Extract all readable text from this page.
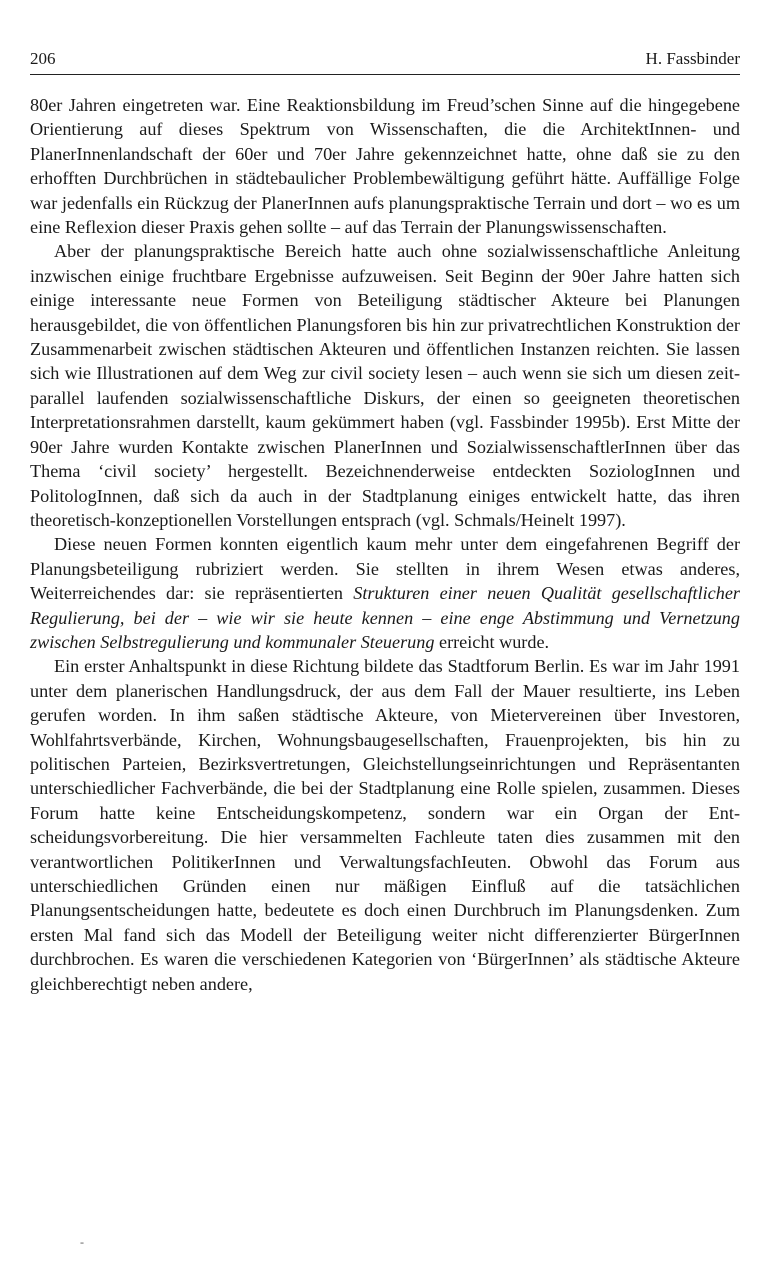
206	H. Fassbinder

80er Jahren eingetreten war. Eine Reaktionsbildung im Freud’schen Sinne auf die hingegebene Orientierung auf dieses Spektrum von Wissenschaften, die die ArchitektInnen- und PlanerInnenlandschaft der 60er und 70er Jahre gekennzeichnet hatte, ohne daß sie zu den erhofften Durchbrüchen in städtebaulicher Problembewältigung geführt hätte. Auffällige Folge war jedenfalls ein Rückzug der PlanerInnen aufs planungspraktische Terrain und dort – wo es um eine Reflexion dieser Praxis gehen sollte – auf das Terrain der Planungswissenschaften.

Aber der planungspraktische Bereich hatte auch ohne sozialwissenschaftliche Anleitung inzwischen einige fruchtbare Ergebnisse aufzuweisen. Seit Beginn der 90er Jahre hatten sich einige interessante neue Formen von Beteiligung städtischer Akteure bei Planungen herausgebildet, die von öffentlichen Planungsforen bis hin zur privatrechtlichen Konstruktion der Zusammenarbeit zwischen städtischen Akteuren und öffentlichen Instanzen reichten. Sie lassen sich wie Illustrationen auf dem Weg zur civil society lesen – auch wenn sie sich um diesen zeitparallel laufenden sozialwissenschaftliche Diskurs, der einen so geeigneten theoretischen Interpretationsrahmen darstellt, kaum gekümmert haben (vgl. Fassbinder 1995b). Erst Mitte der 90er Jahre wurden Kontakte zwischen PlanerInnen und SozialwissenschaftlerInnen über das Thema ‘civil society’ hergestellt. Bezeichnenderweise entdeckten SoziologInnen und PolitologInnen, daß sich da auch in der Stadtplanung einiges entwickelt hatte, das ihren theoretisch-konzeptionellen Vorstellungen entsprach (vgl. Schmals/Heinelt 1997).

Diese neuen Formen konnten eigentlich kaum mehr unter dem eingefahrenen Begriff der Planungsbeteiligung rubriziert werden. Sie stellten in ihrem Wesen etwas anderes, Weiterreichendes dar: sie repräsentierten Strukturen einer neuen Qualität gesellschaftlicher Regulierung, bei der – wie wir sie heute kennen – eine enge Abstimmung und Vernetzung zwischen Selbstregulierung und kommunaler Steuerung erreicht wurde.

Ein erster Anhaltspunkt in diese Richtung bildete das Stadtforum Berlin. Es war im Jahr 1991 unter dem planerischen Handlungsdruck, der aus dem Fall der Mauer resultierte, ins Leben gerufen worden. In ihm saßen städtische Akteure, von Mietervereinen über Investoren, Wohlfahrtsverbände, Kirchen, Wohnungsbaugesellschaften, Frauenprojekten, bis hin zu politischen Parteien, Bezirksvertretungen, Gleichstellungseinrichtungen und Repräsentanten unterschiedlicher Fachverbände, die bei der Stadtplanung eine Rolle spielen, zusammen. Dieses Forum hatte keine Entscheidungskompetenz, sondern war ein Organ der Entscheidungsvorbereitung. Die hier versammelten Fachleute taten dies zusammen mit den verantwortlichen PolitikerInnen und VerwaltungsfachIeuten. Obwohl das Forum aus unterschiedlichen Gründen einen nur mäßigen Einfluß auf die tatsächlichen Planungsentscheidungen hatte, bedeutete es doch einen Durchbruch im Planungsdenken. Zum ersten Mal fand sich das Modell der Beteiligung weiter nicht differenzierter BürgerInnen durchbrochen. Es waren die verschiedenen Kategorien von ‘BürgerInnen’ als städtische Akteure gleichberechtigt neben andere,

-
